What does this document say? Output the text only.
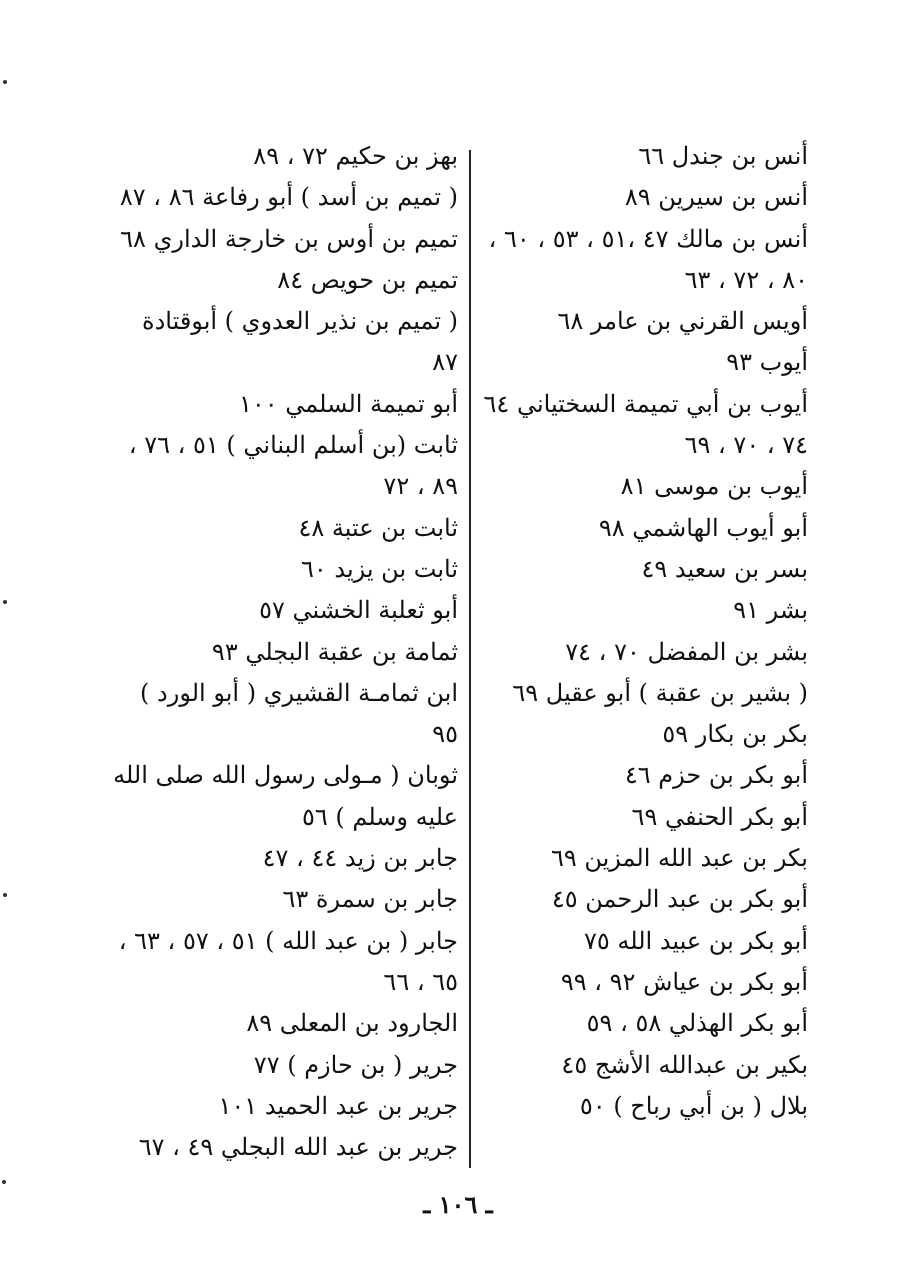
أنس بن جندل ٦٦
أنس بن سيرين ٨٩
أنس بن مالك ٤٧ ،٥١ ، ٥٣ ، ٦٠ ،
٨٠ ، ٧٢ ، ٦٣
أويس القرني بن عامر ٦٨
أيوب ٩٣
أيوب بن أبي تميمة السختياني ٦٤
٧٤ ، ٧٠ ، ٦٩
أيوب بن موسى ٨١
أبو أيوب الهاشمي ٩٨
بسر بن سعيد ٤٩
بشر ٩١
بشر بن المفضل ٧٠ ، ٧٤
( بشير بن عقبة ) أبو عقيل ٦٩
بكر بن بكار ٥٩
أبو بكر بن حزم ٤٦
أبو بكر الحنفي ٦٩
بكر بن عبد الله المزين ٦٩
أبو بكر بن عبد الرحمن ٤٥
أبو بكر بن عبيد الله ٧٥
أبو بكر بن عياش ٩٢ ، ٩٩
أبو بكر الهذلي ٥٨ ، ٥٩
بكير بن عبدالله الأشج ٤٥
بلال ( بن أبي رباح ) ٥٠
بهز بن حكيم ٧٢ ، ٨٩
( تميم بن أسد ) أبو رفاعة ٨٦ ، ٨٧
تميم بن أوس بن خارجة الداري ٦٨
تميم بن حويص ٨٤
( تميم بن نذير العدوي ) أبوقتادة
٨٧
أبو تميمة السلمي ١٠٠
ثابت (بن أسلم البناني ) ٥١ ، ٧٦ ،
٨٩ ، ٧٢
ثابت بن عتبة ٤٨
ثابت بن يزيد ٦٠
أبو ثعلبة الخشني ٥٧
ثمامة بن عقبة البجلي ٩٣
ابن ثمامـة القشيري ( أبو الورد )
٩٥
ثوبان ( مـولى رسول الله صلى الله
عليه وسلم ) ٥٦
جابر بن زيد ٤٤ ، ٤٧
جابر بن سمرة ٦٣
جابر ( بن عبد الله ) ٥١ ، ٥٧ ، ٦٣ ،
٦٥ ، ٦٦
الجارود بن المعلى ٨٩
جرير ( بن حازم ) ٧٧
جرير بن عبد الحميد ١٠١
جرير بن عبد الله البجلي ٤٩ ، ٦٧
ـ ١٠٦ ـ
